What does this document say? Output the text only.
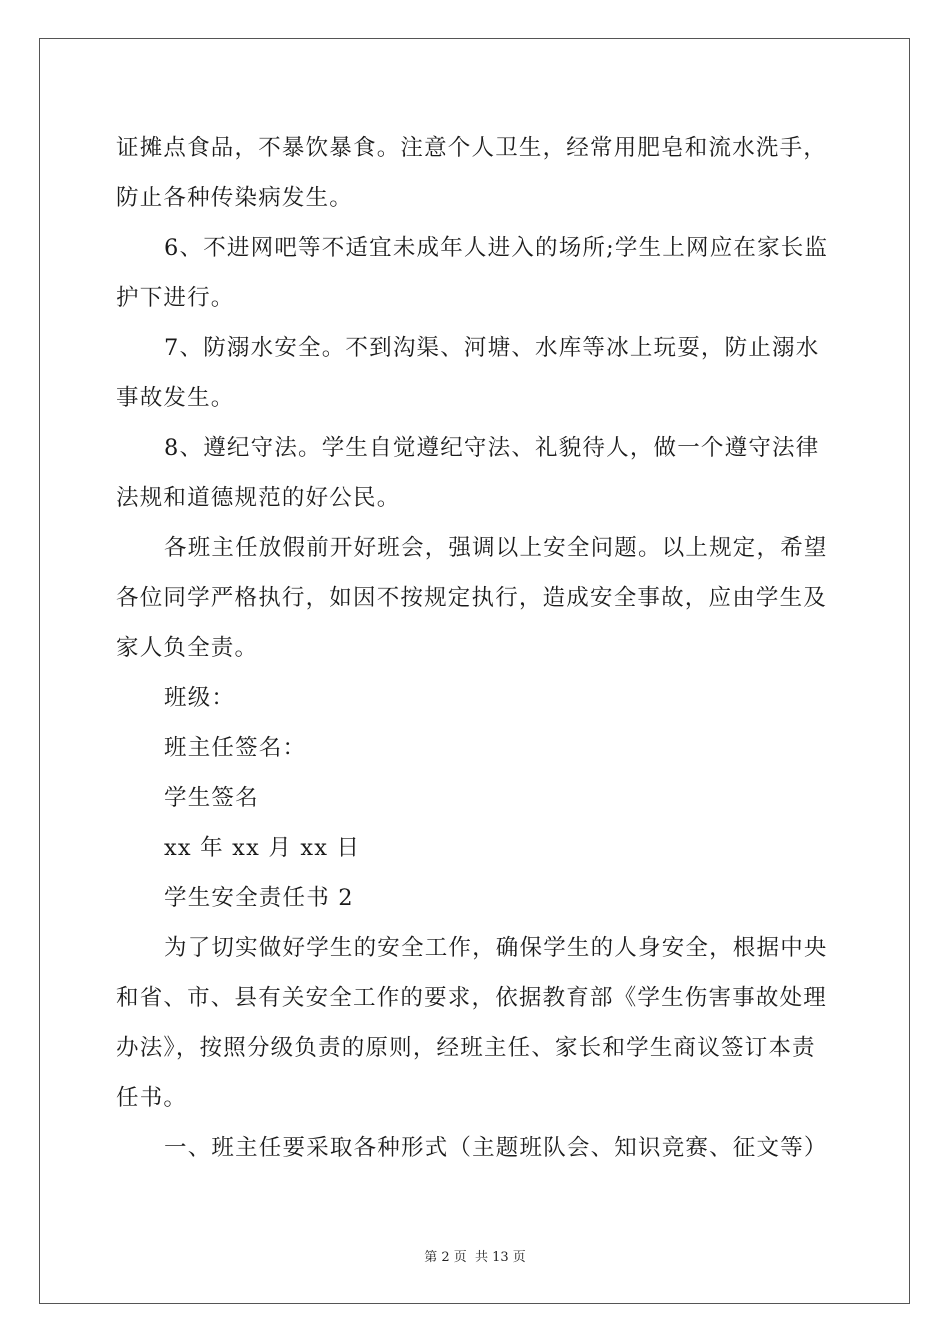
证摊点食品，不暴饮暴食。注意个人卫生，经常用肥皂和流水洗手，
防止各种传染病发生。
6、不进网吧等不适宜未成年人进入的场所;学生上网应在家长监
护下进行。
7、防溺水安全。不到沟渠、河塘、水库等冰上玩耍，防止溺水
事故发生。
8、遵纪守法。学生自觉遵纪守法、礼貌待人，做一个遵守法律
法规和道德规范的好公民。
各班主任放假前开好班会，强调以上安全问题。以上规定，希望
各位同学严格执行，如因不按规定执行，造成安全事故，应由学生及
家人负全责。
班级：
班主任签名：
学生签名
xx 年 xx 月 xx 日
学生安全责任书 2
为了切实做好学生的安全工作，确保学生的人身安全，根据中央
和省、市、县有关安全工作的要求，依据教育部《学生伤害事故处理
办法》，按照分级负责的原则，经班主任、家长和学生商议签订本责
任书。
一、班主任要采取各种形式（主题班队会、知识竞赛、征文等）
第 2 页 共 13 页
